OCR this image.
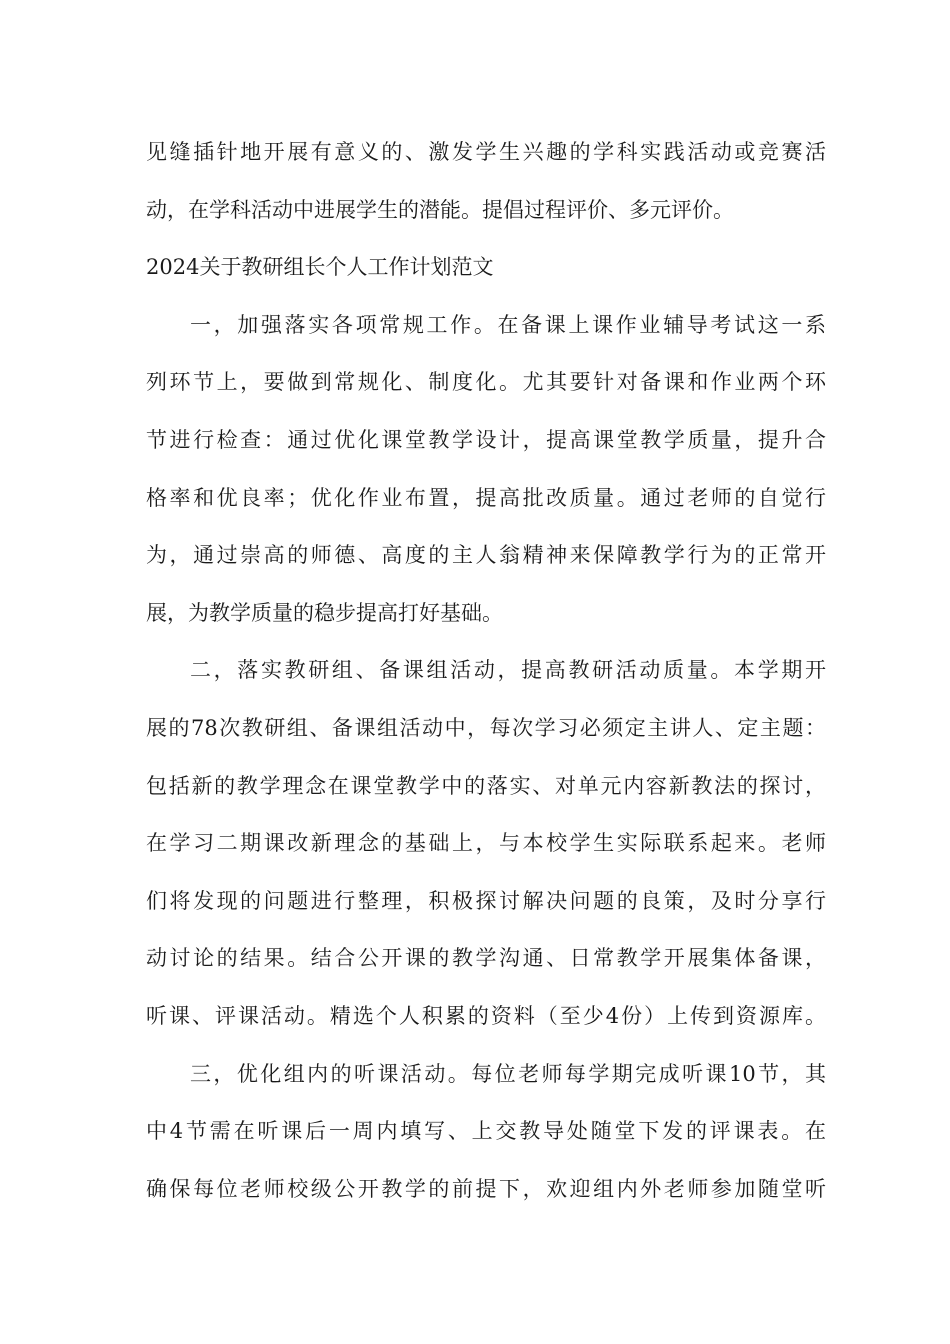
见缝插针地开展有意义的、激发学生兴趣的学科实践活动或竞赛活
动，在学科活动中进展学生的潜能。提倡过程评价、多元评价。
2024关于教研组长个人工作计划范文
一，加强落实各项常规工作。在备课上课作业辅导考试这一系
列环节上，要做到常规化、制度化。尤其要针对备课和作业两个环
节进行检查：通过优化课堂教学设计，提高课堂教学质量，提升合
格率和优良率；优化作业布置，提高批改质量。通过老师的自觉行
为，通过崇高的师德、高度的主人翁精神来保障教学行为的正常开
展，为教学质量的稳步提高打好基础。
二，落实教研组、备课组活动，提高教研活动质量。本学期开
展的78次教研组、备课组活动中，每次学习必须定主讲人、定主题：
包括新的教学理念在课堂教学中的落实、对单元内容新教法的探讨，
在学习二期课改新理念的基础上，与本校学生实际联系起来。老师
们将发现的问题进行整理，积极探讨解决问题的良策，及时分享行
动讨论的结果。结合公开课的教学沟通、日常教学开展集体备课，
听课、评课活动。精选个人积累的资料（至少4份）上传到资源库。
三，优化组内的听课活动。每位老师每学期完成听课10节，其
中4节需在听课后一周内填写、上交教导处随堂下发的评课表。在
确保每位老师校级公开教学的前提下，欢迎组内外老师参加随堂听
